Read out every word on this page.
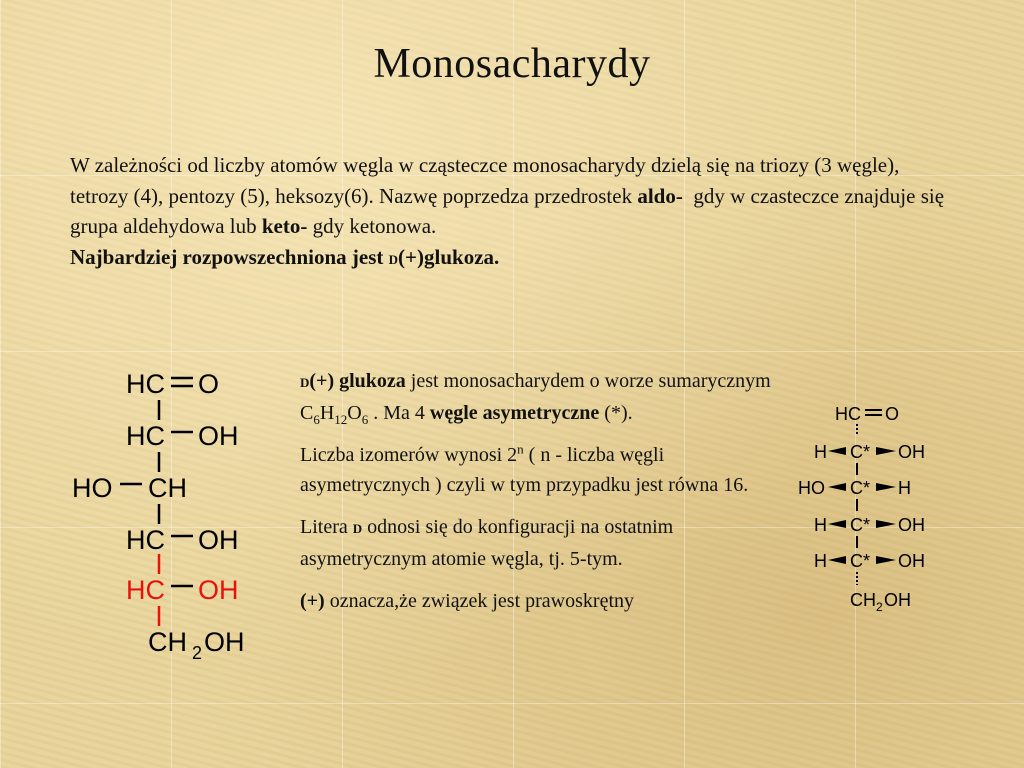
Monosacharydy
W zależności od liczby atomów węgla w cząsteczce monosacharydy dzielą się na triozy (3 węgle), tetrozy (4), pentozy (5), heksozy(6). Nazwę poprzedza przedrostek aldo-  gdy w czasteczce znajduje się grupa aldehydowa lub keto- gdy ketonowa.
Najbardziej rozpowszechniona jest D(+)glukoza.
HC O
HC OH
HO CH
HC OH
HC OH
CH 2 OH

D(+) glukoza jest monosacharydem o worze sumarycznym $C_6H_{12}O_6$ . Ma 4 węgle asymetryczne (*).

Liczba izomerów wynosi 2$^n$ ( n - liczba węgli asymetrycznych ) czyli w tym przypadku jest równa 16.

Litera D odnosi się do konfiguracji na ostatnim asymetrycznym atomie węgla, tj. 5-tym.

(+) oznacza,że związek jest prawoskrętny

HC O
H C* OH
HO C* H
H C* OH
H C* OH
CH 2 OH
